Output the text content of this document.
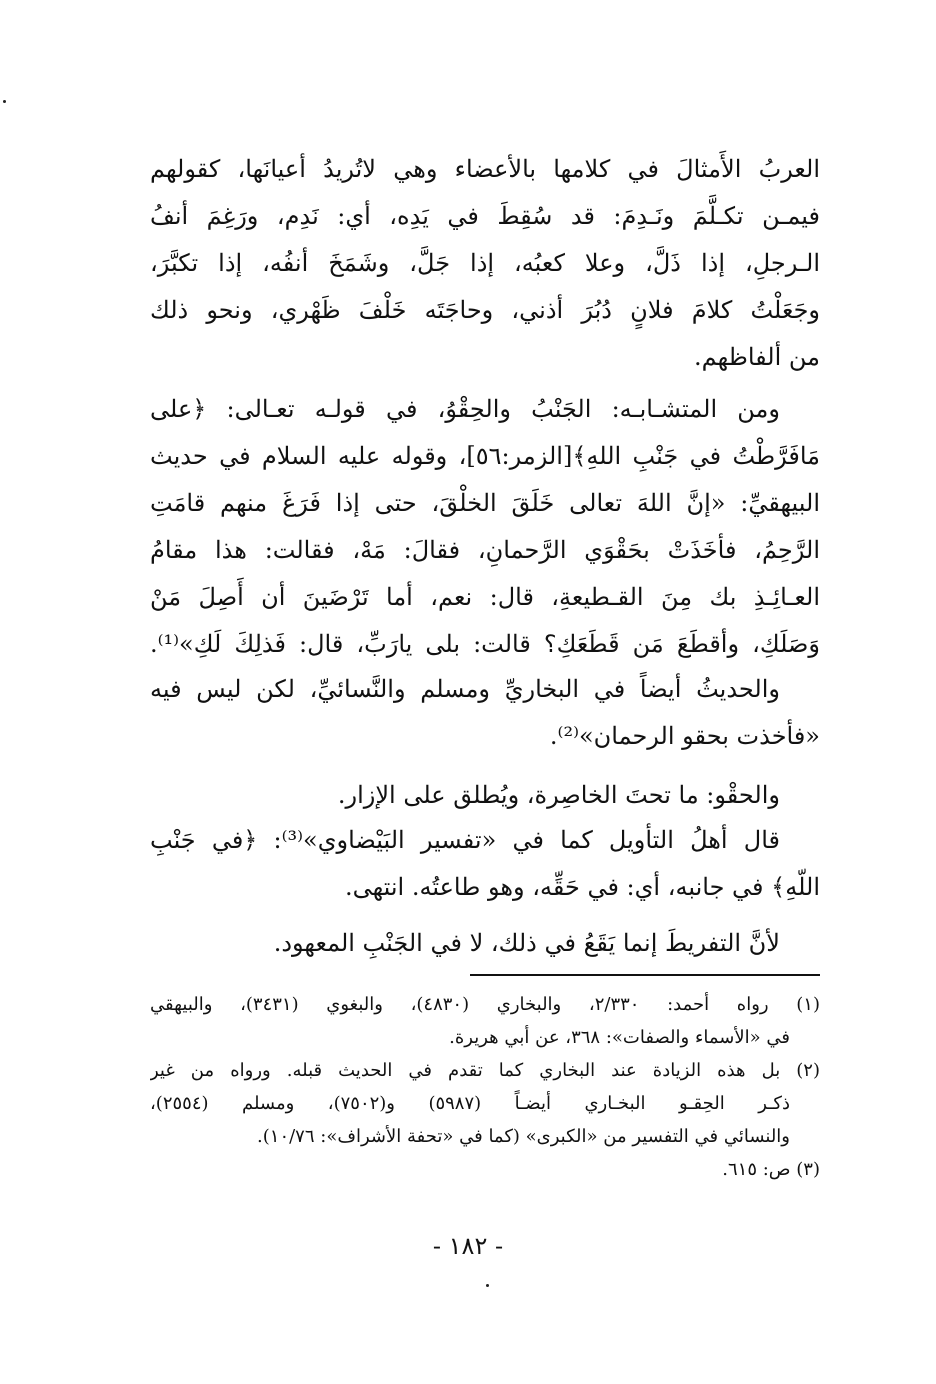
العربُ الأَمثالَ في كلامها بالأعضاء وهي لاتُريدُ أعيانَها، كقولهم
فيمـن تكـلَّمَ ونَـدِمَ: قد سُقِطَ في يَدِه، أي: نَدِم، ورَغِمَ أنفُ
الـرجلِ، إذا ذَلَّ، وعلا كعبُه، إذا جَلَّ، وشَمَخَ أنفُه، إذا تكبَّرَ،
وجَعَلْتُ كلامَ فلانٍ دُبُرَ أذني، وحاجَتَه خَلْفَ ظَهْري، ونحو ذلك
من ألفاظهم.
ومن المتشـابـه: الجَنْبُ والحِقْوُ، في قولـه تعـالى: ﴿على
مَافَرَّطْتُ في جَنْبِ اللهِ﴾[الزمر:٥٦]، وقوله عليه السلام في حديث
البيهقيِّ: «إنَّ اللهَ تعالى خَلَقَ الخلْقَ، حتى إذا فَرَغَ منهم قامَتِ
الرَّحِمُ، فأخَذَتْ بحَقْوَي الرَّحمانِ، فقالَ: مَهْ، فقالت: هذا مقامُ
العـائِـذِ بك مِنَ القـطيعةِ، قال: نعم، أما تَرْضَينَ أن أَصِلَ مَنْ
وَصَلَكِ، وأقطَعَ مَن قَطَعَكِ؟ قالت: بلى يارَبِّ، قال: فَذلِكَ لَكِ»⁽¹⁾.
والحديثُ أيضاً في البخاريِّ ومسلم والنَّسائيِّ، لكن ليس فيه
«فأخذت بحقو الرحمان»⁽²⁾.
والحقْو: ما تحتَ الخاصِرة، ويُطلق على الإزار.
قال أهلُ التأويل كما في «تفسير البَيْضاوي»⁽³⁾: ﴿في جَنْبِ
اللّهِ﴾ في جانبه، أي: في حَقِّه، وهو طاعتُه. انتهى.
لأنَّ التفريطَ إنما يَقَعُ في ذلك، لا في الجَنْبِ المعهود.
(١) رواه أحمد: ٢/٣٣٠، والبخاري (٤٨٣٠)، والبغوي (٣٤٣١)، والبيهقي
في «الأسماء والصفات»: ٣٦٨، عن أبي هريرة.
(٢) بل هذه الزيادة عند البخاري كما تقدم في الحديث قبله. ورواه من غير
ذكـر الحِقـو البخـاري أيضـاً (٥٩٨٧) و(٧٥٠٢)، ومسلم (٢٥٥٤)،
والنسائي في التفسير من «الكبرى» (كما في «تحفة الأشراف»: ١٠/٧٦).
(٣) ص: ٦١٥.
- ١٨٢ -
